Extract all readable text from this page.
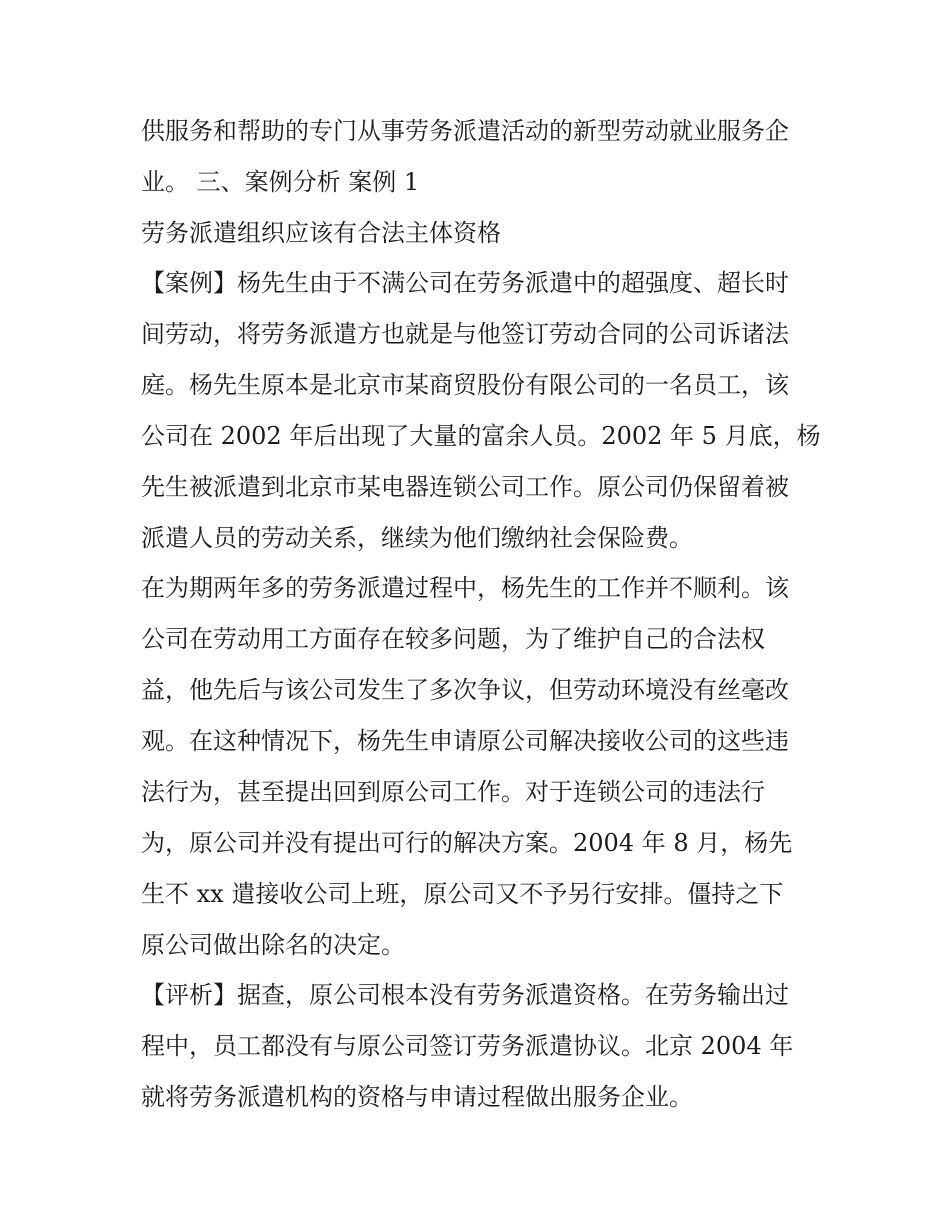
供服务和帮助的专门从事劳务派遣活动的新型劳动就业服务企
业。 三、案例分析 案例 1
劳务派遣组织应该有合法主体资格
【案例】杨先生由于不满公司在劳务派遣中的超强度、超长时
间劳动，将劳务派遣方也就是与他签订劳动合同的公司诉诸法
庭。杨先生原本是北京市某商贸股份有限公司的一名员工，该
公司在 2002 年后出现了大量的富余人员。2002 年 5 月底，杨
先生被派遣到北京市某电器连锁公司工作。原公司仍保留着被
派遣人员的劳动关系，继续为他们缴纳社会保险费。
在为期两年多的劳务派遣过程中，杨先生的工作并不顺利。该
公司在劳动用工方面存在较多问题，为了维护自己的合法权
益，他先后与该公司发生了多次争议，但劳动环境没有丝毫改
观。在这种情况下，杨先生申请原公司解决接收公司的这些违
法行为，甚至提出回到原公司工作。对于连锁公司的违法行
为，原公司并没有提出可行的解决方案。2004 年 8 月，杨先
生不 xx 遣接收公司上班，原公司又不予另行安排。僵持之下
原公司做出除名的决定。
【评析】据查，原公司根本没有劳务派遣资格。在劳务输出过
程中，员工都没有与原公司签订劳务派遣协议。北京 2004 年
就将劳务派遣机构的资格与申请过程做出服务企业。
